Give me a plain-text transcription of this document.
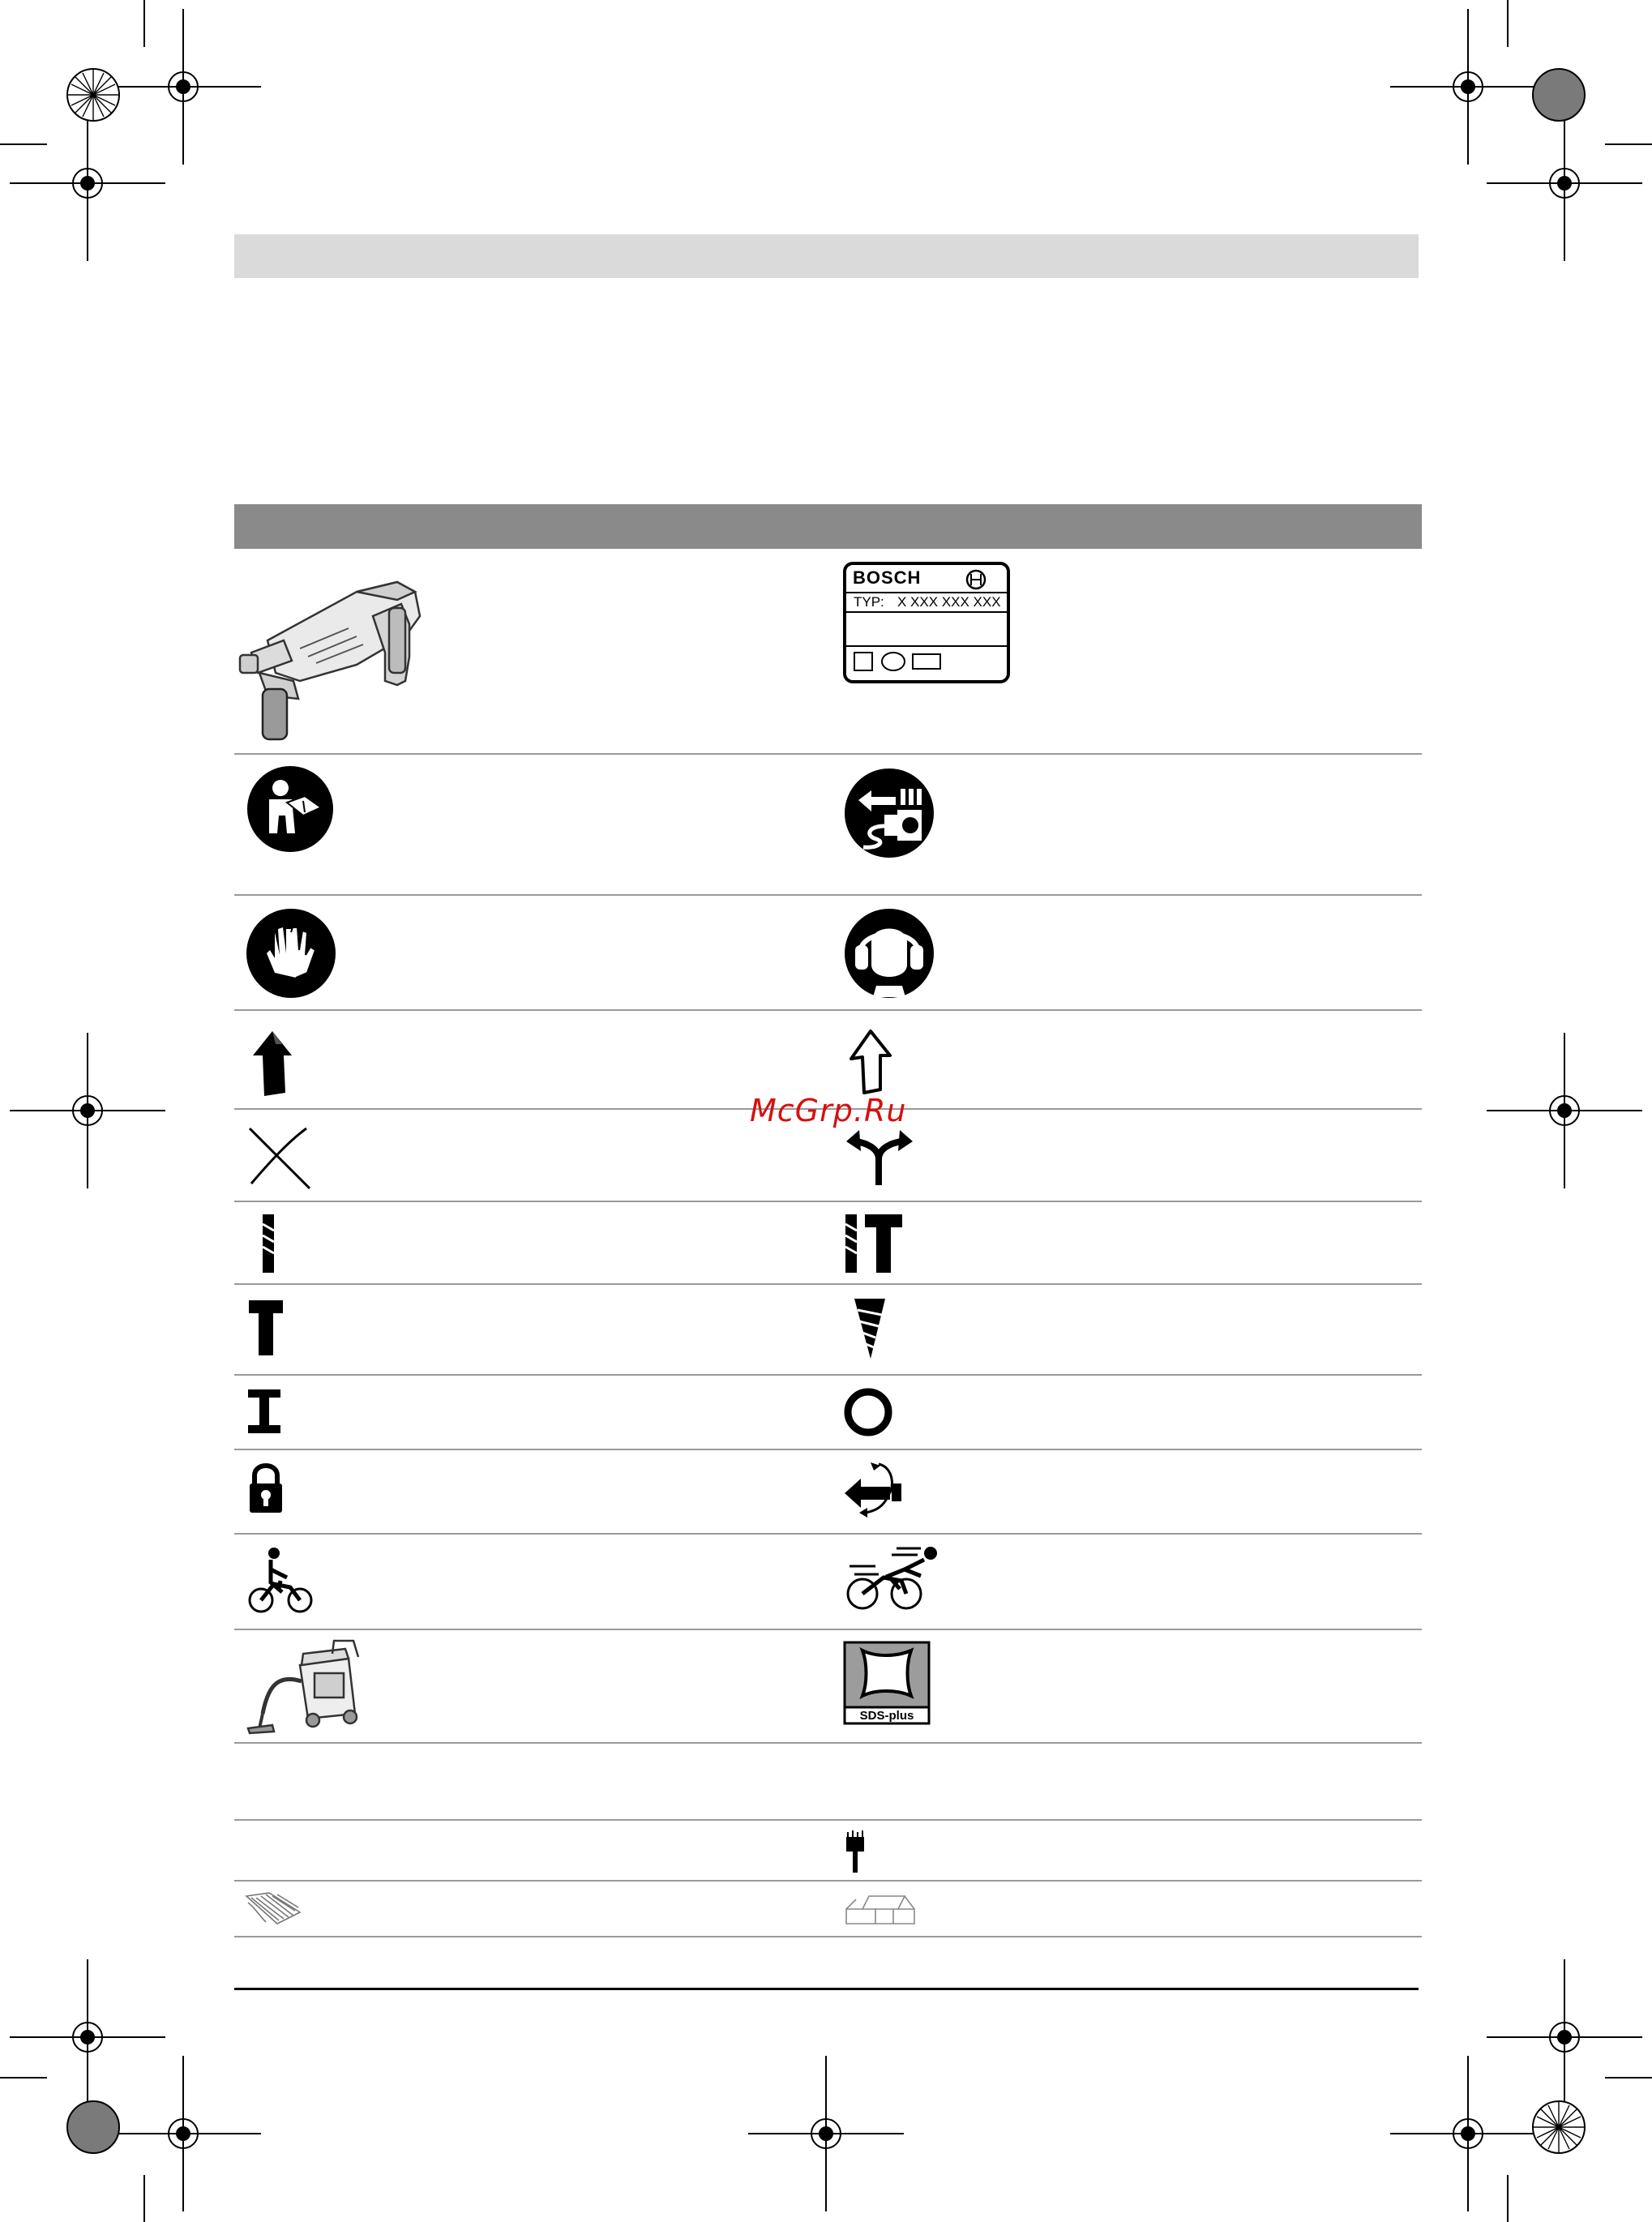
BOSCH
TYP: X XXX XXX XXX
McGrp.Ru
SDS-plus
